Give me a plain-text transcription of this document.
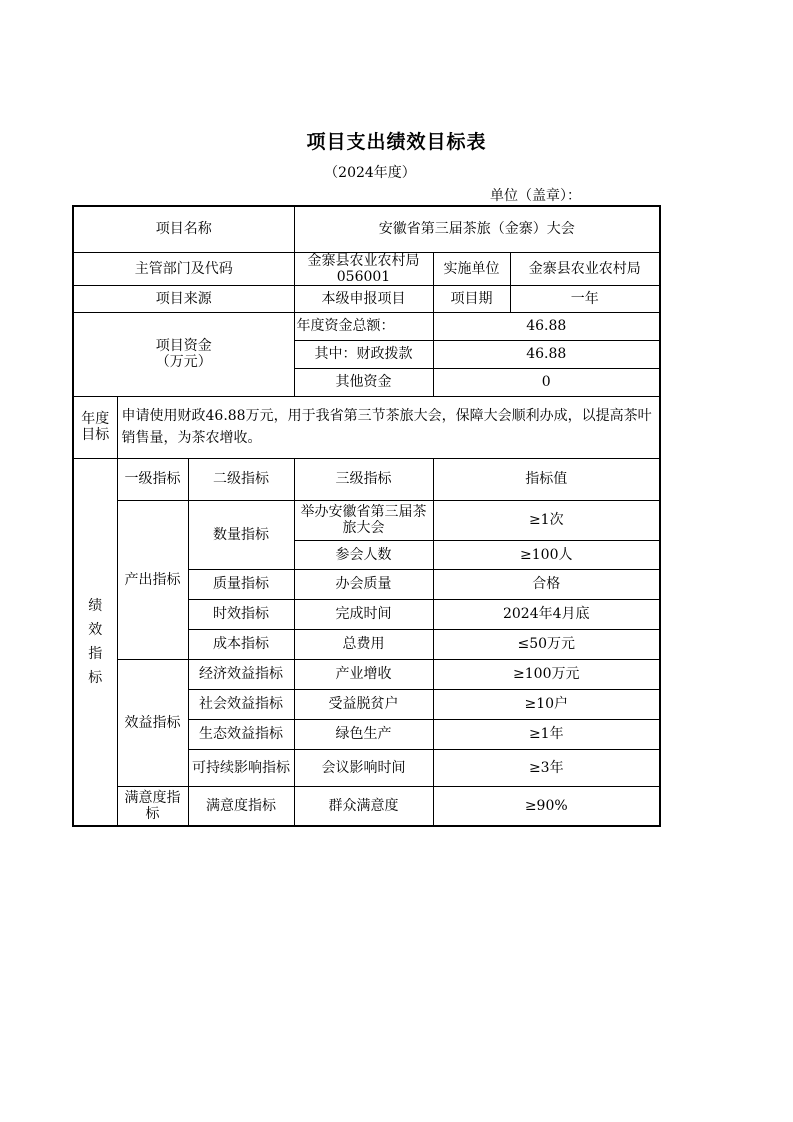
项目支出绩效目标表
（2024年度）
单位（盖章）：
项目名称			安徽省第三届茶旅（金寨）大会		
主管部门及代码			金寨县农业农村局056001	实施单位	金寨县农业农村局
项目来源			本级申报项目	项目期	一年

项目资金
（万元）			年度资金总额：	46.88	
			其中：财政拨款	46.88	
			其他资金	0	

年度
目标	申请使用财政46.88万元，用于我省第三节茶旅大会，保障大会顺利办成，以提高茶叶销售量，为茶农增收。				

绩
效
指
标	一级指标	二级指标	三级指标	指标值	
	产出指标	数量指标	举办安徽省第三届茶旅大会	≥1次	
			参会人数	≥100人	
		质量指标	办会质量	合格	
		时效指标	完成时间	2024年4月底	
		成本指标	总费用	≤50万元	
	效益指标	经济效益指标	产业增收	≥100万元	
		社会效益指标	受益脱贫户	≥10户	
		生态效益指标	绿色生产	≥1年	
		可持续影响指标	会议影响时间	≥3年	
	满意度指标	满意度指标	群众满意度	≥90%	
